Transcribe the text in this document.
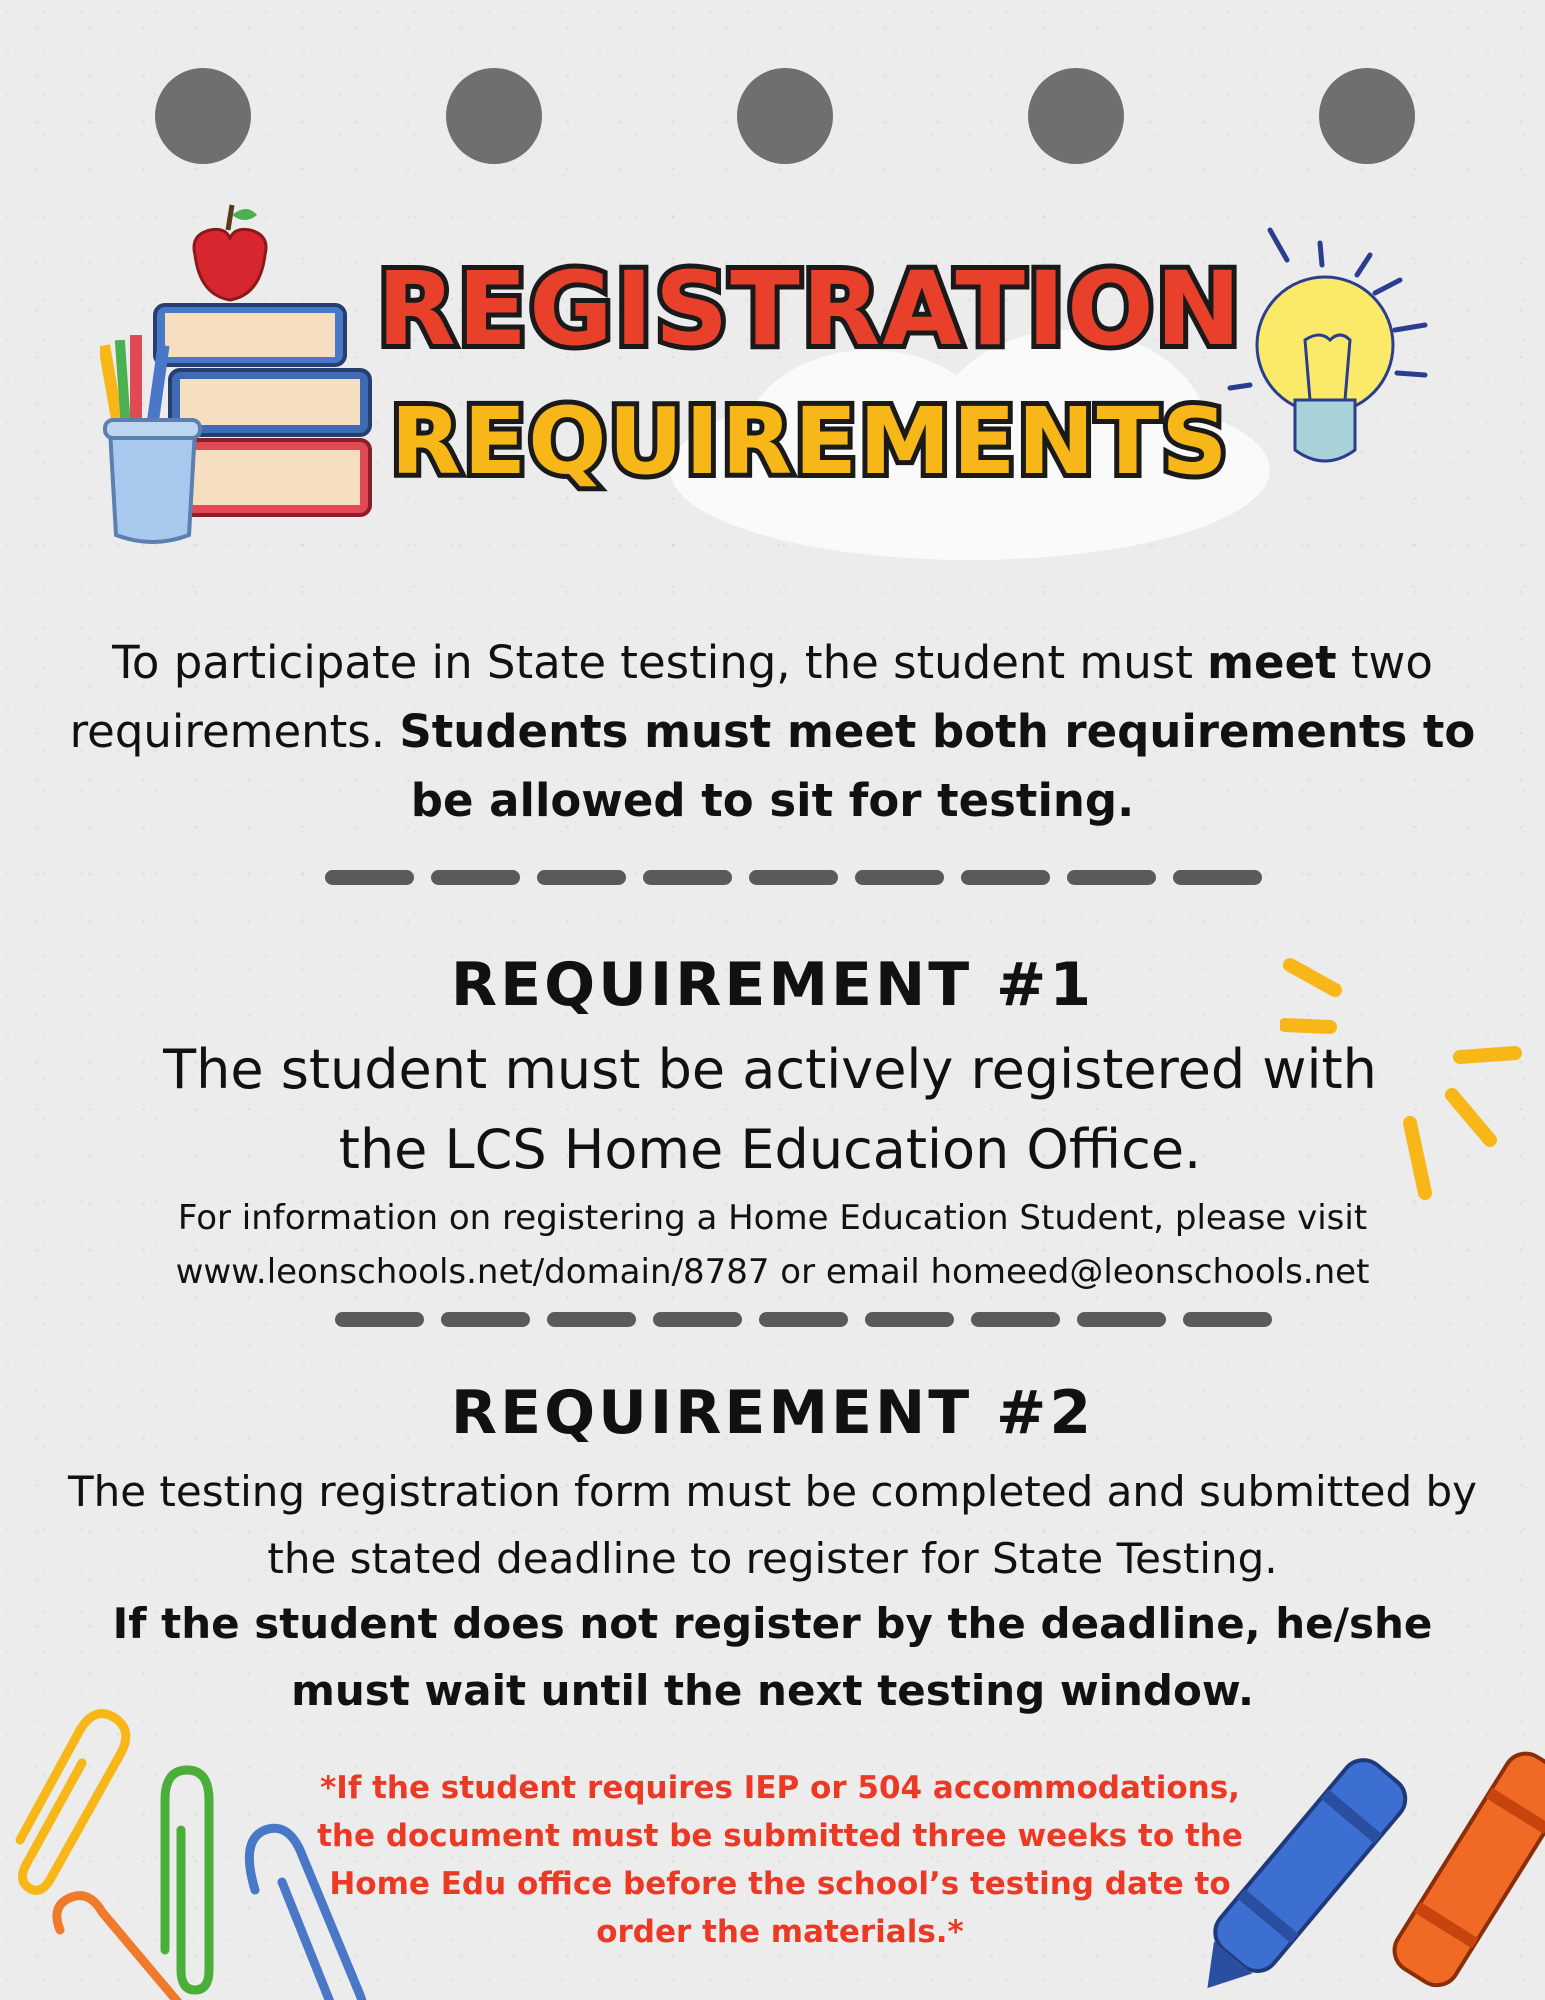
REGISTRATION
REQUIREMENTS
To participate in State testing, the student must meet two requirements. Students must meet both requirements to be allowed to sit for testing.
REQUIREMENT #1
The student must be actively registered with the LCS Home Education Office.
For information on registering a Home Education Student, please visit
www.leonschools.net/domain/8787 or email homeed@leonschools.net
REQUIREMENT #2
The testing registration form must be completed and submitted by the stated deadline to register for State Testing.
If the student does not register by the deadline, he/she must wait until the next testing window.
*If the student requires IEP or 504 accommodations, the document must be submitted three weeks to the Home Edu office before the school’s testing date to order the materials.*
